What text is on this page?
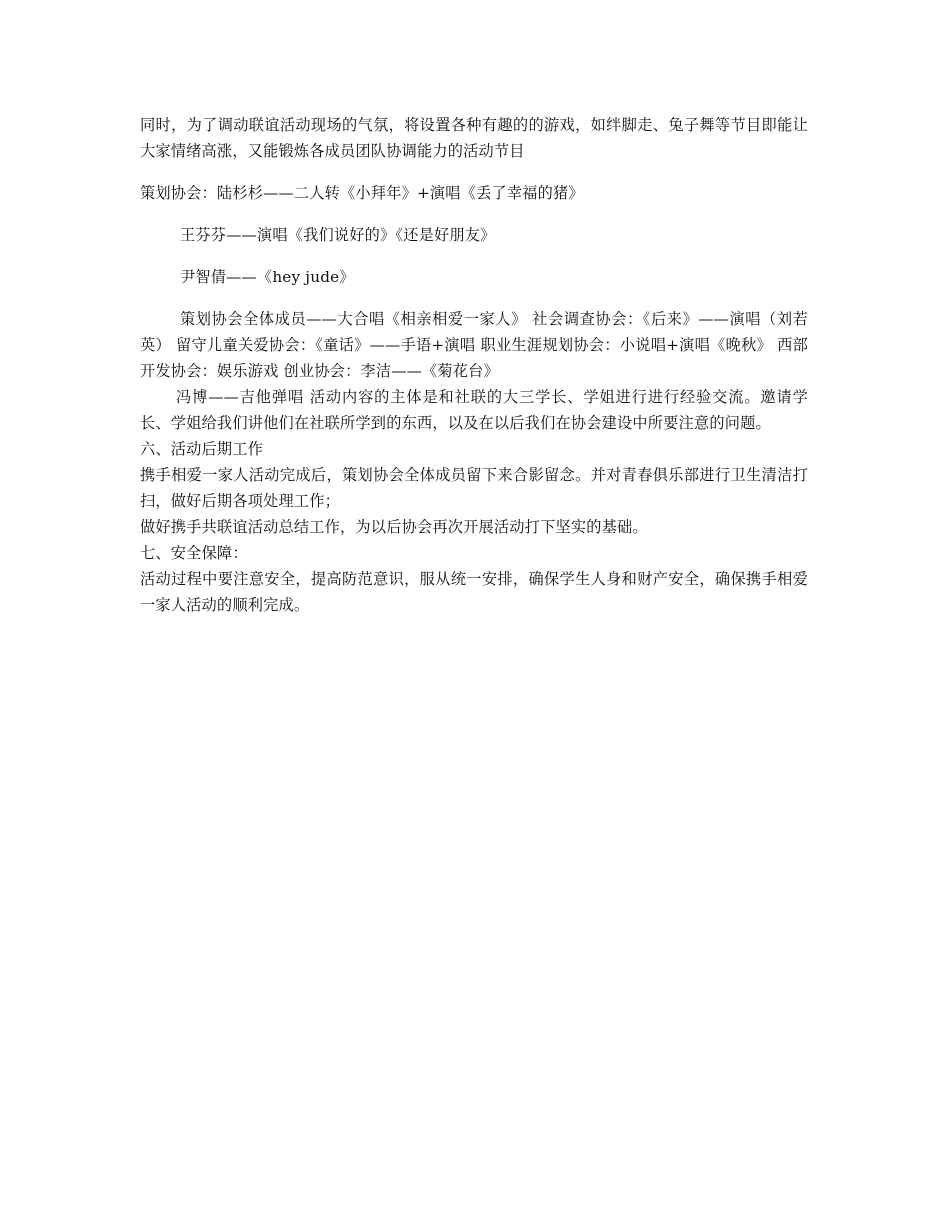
同时，为了调动联谊活动现场的气氛，将设置各种有趣的的游戏，如绊脚走、兔子舞等节目即能让大家情绪高涨，又能锻炼各成员团队协调能力的活动节目

策划协会：陆杉杉——二人转《小拜年》+演唱《丢了幸福的猪》

王芬芬——演唱《我们说好的》《还是好朋友》

尹智倩——《hey jude》

策划协会全体成员——大合唱《相亲相爱一家人》 社会调查协会：《后来》——演唱（刘若英） 留守儿童关爱协会：《童话》——手语+演唱 职业生涯规划协会：小说唱+演唱《晚秋》 西部开发协会：娱乐游戏 创业协会：李洁——《菊花台》

冯博——吉他弹唱 活动内容的主体是和社联的大三学长、学姐进行进行经验交流。邀请学长、学姐给我们讲他们在社联所学到的东西，以及在以后我们在协会建设中所要注意的问题。

六、活动后期工作

携手相爱一家人活动完成后，策划协会全体成员留下来合影留念。并对青春俱乐部进行卫生清洁打扫，做好后期各项处理工作；

做好携手共联谊活动总结工作，为以后协会再次开展活动打下坚实的基础。

七、安全保障：

活动过程中要注意安全，提高防范意识，服从统一安排，确保学生人身和财产安全，确保携手相爱一家人活动的顺利完成。
